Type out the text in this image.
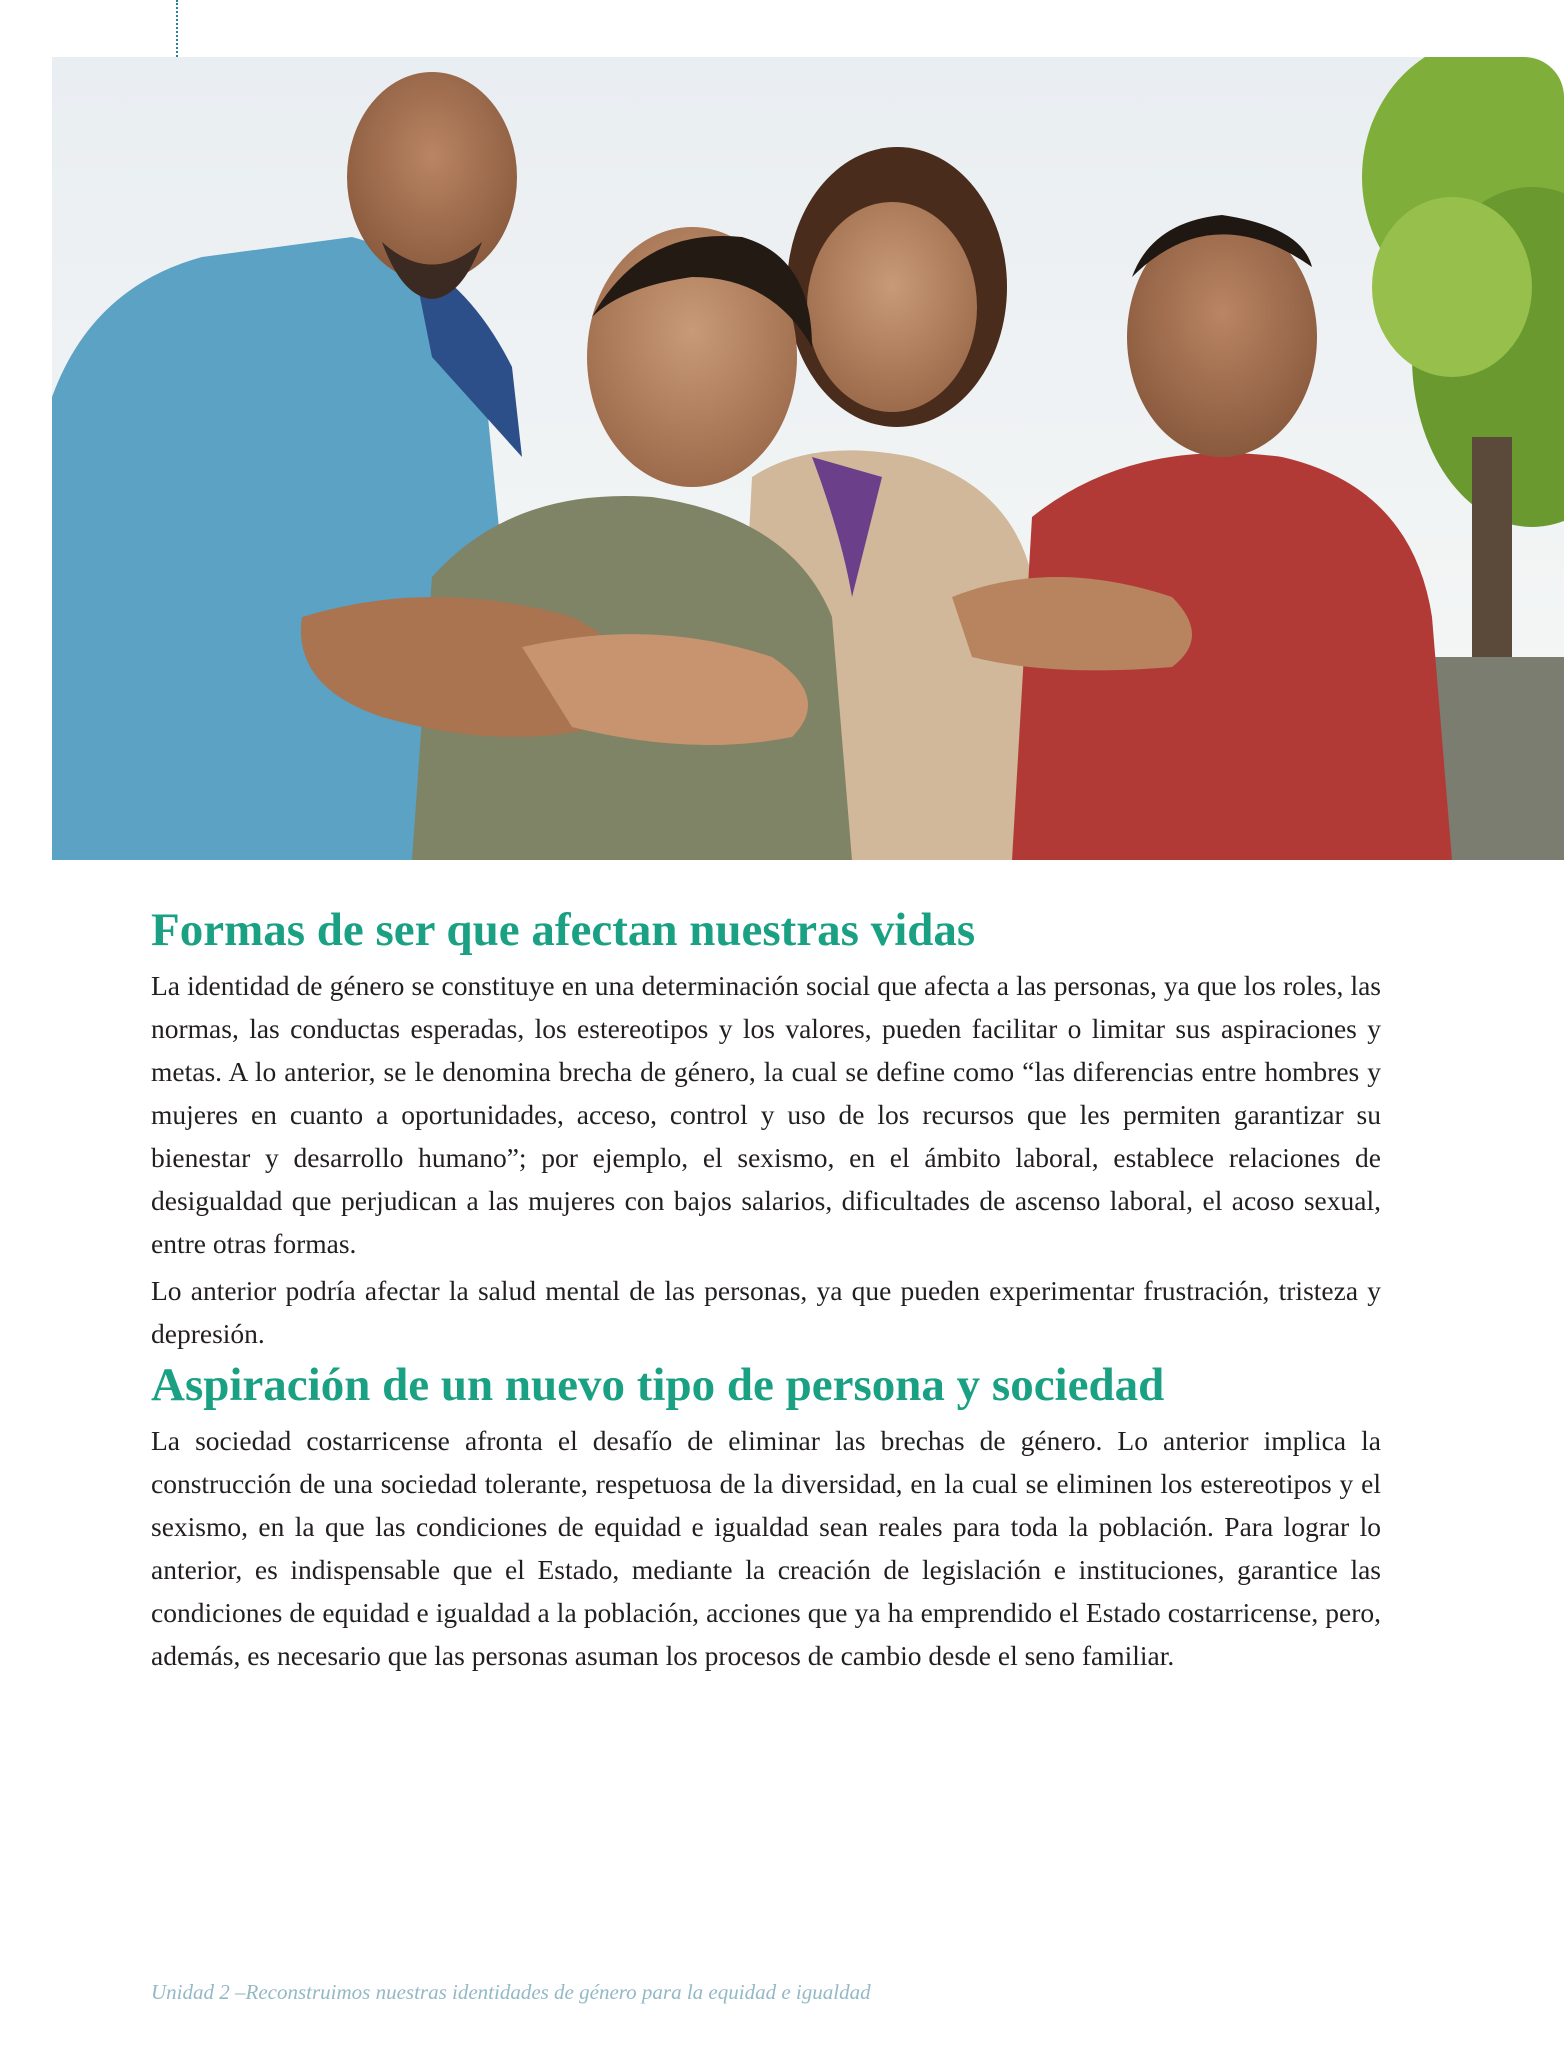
Formas de ser que afectan nuestras vidas

La identidad de género se constituye en una determinación social que afecta a las personas, ya que los roles, las normas, las conductas esperadas, los estereotipos y los valores, pueden facilitar o limitar sus aspiraciones y metas. A lo anterior, se le denomina brecha de género, la cual se define como “las diferencias entre hombres y mujeres en cuanto a oportunidades, acceso, control y uso de los recursos que les permiten garantizar su bienestar y desarrollo humano”; por ejemplo, el sexismo, en el ámbito laboral, establece relaciones de desigualdad que perjudican a las mujeres con bajos salarios, dificultades de ascenso laboral, el acoso sexual, entre otras formas.

Lo anterior podría afectar la salud mental de las personas, ya que pueden experimentar frustración, tristeza y depresión.

Aspiración de un nuevo tipo de persona y sociedad

La sociedad costarricense afronta el desafío de eliminar las brechas de género. Lo anterior implica la construcción de una sociedad tolerante, respetuosa de la diversidad, en la cual se eliminen los estereotipos y el sexismo, en la que las condiciones de equidad e igualdad sean reales para toda la población. Para lograr lo anterior, es indispensable que el Estado, mediante la creación de legislación e instituciones, garantice las condiciones de equidad e igualdad a la población, acciones que ya ha emprendido el Estado costarricense, pero, además, es necesario que las personas asuman los procesos de cambio desde el seno familiar.

Unidad 2 –Reconstruimos nuestras identidades de género para la equidad e igualdad
